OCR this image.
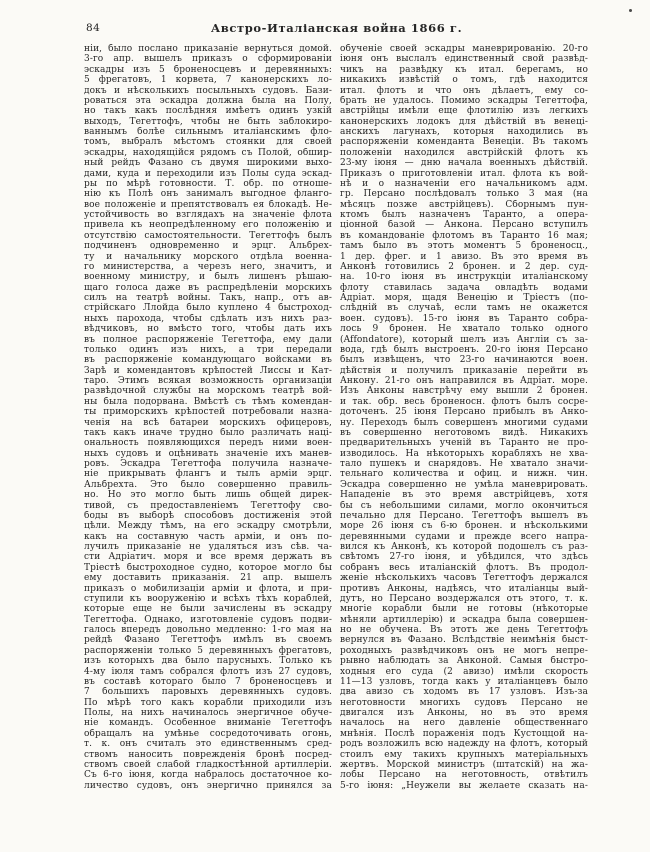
84	Австро-Италіанская война 1866 г.
ніи, было послано приказаніе вернуться домой.
3-го апр. вышелъ приказъ о сформированіи
эскадры изъ 5 броненосцевъ и деревянныхъ:
5 фрегатовъ, 1 корвета, 7 канонерскихъ ло-
докъ и нѣсколькихъ посыльныхъ судовъ. Бази-
роваться эта эскадра должна была на Полу,
но такъ какъ послѣдняя имѣетъ одинъ узкій
выходъ, Тегеттофъ, чтобы не быть заблокиро-
ваннымъ болѣе сильнымъ италіанскимъ фло-
томъ, выбралъ мѣстомъ стоянки для своей
эскадры, находящійся рядомъ съ Полой, обшир-
ный рейдъ Фазано съ двумя широкими выхо-
дами, куда и переходили изъ Полы суда эскад-
ры по мѣрѣ готовности. Т. обр. по отноше-
нію къ Полѣ онъ занималъ выгодное фланго-
вое положеніе и препятствовалъ ея блокадѣ. Не-
устойчивость во взглядахъ на значеніе флота
привела къ неопредѣленному его положенію и
отсутствію самостоятельности. Тегеттофъ былъ
подчиненъ одновременно и эрцг. Альбрех-
ту и начальнику морского отдѣла военна-
го министерства, а черезъ него, значитъ, и
военному министру, и былъ лишенъ рѣшаю-
щаго голоса даже въ распредѣленіи морскихъ
силъ на театрѣ войны. Такъ, напр., отъ ав-
стрійскаго Ллойда было куплено 4 быстроход-
ныхъ парохода, чтобы сдѣлать изъ нихъ раз-
вѣдчиковъ, но вмѣсто того, чтобы дать ихъ
въ полное распоряженіе Тегеттофа, ему дали
только одинъ изъ нихъ, а три передали
въ распоряженіе командующаго войсками въ
Зарѣ и комендантовъ крѣпостей Лиссы и Кат-
таро. Этимъ всякая возможность организаціи
развѣдочной службы на морскомъ театрѣ вой-
ны была подорвана. Вмѣстѣ съ тѣмъ комендан-
ты приморскихъ крѣпостей потребовали назна-
ченія на всѣ батареи морскихъ офицеровъ,
такъ какъ иначе трудно было различать наці-
ональность появляющихся передъ ними воен-
ныхъ судовъ и оцѣнивать значеніе ихъ манев-
ровъ. Эскадра Тегеттофа получила назначе-
ніе прикрывать флангъ и тылъ арміи эрцг.
Альбрехта. Это было совершенно правиль-
но. Но это могло быть лишь общей дирек-
тивой, съ предоставленіемъ Тегеттофу сво-
боды въ выборѣ способовъ достиженія этой
цѣли. Между тѣмъ, на его эскадру смотрѣли,
какъ на составную часть арміи, и онъ по-
лучилъ приказаніе не удаляться изъ сѣв. ча-
сти Адріатич. моря и все время держать въ
Тріестѣ быстроходное судно, которое могло бы
ему доставить приказанія. 21 апр. вышелъ
приказъ о мобилизаціи арміи и флота, и при-
ступили къ вооруженію и всѣхъ тѣхъ кораблей,
которые еще не были зачислены въ эскадру
Тегеттофа. Однако, изготовленіе судовъ подви-
галось впередъ довольно медленно: 1-го мая на
рейдѣ Фазано Тегеттофъ имѣлъ въ своемъ
распоряженіи только 5 деревянныхъ фрегатовъ,
изъ которыхъ два было парусныхъ. Только къ
4-му іюля тамъ собрался флотъ изъ 27 судовъ,
въ составѣ котораго было 7 броненосцевъ и
7 большихъ паровыхъ деревянныхъ судовъ.
По мѣрѣ того какъ корабли приходили изъ
Полы, на нихъ начиналось энергичное обуче-
ніе командъ. Особенное вниманіе Тегеттофъ
обращалъ на умѣнье сосредоточивать огонь,
т. к. онъ считалъ это единственнымъ сред-
ствомъ наносить поврежденія бронѣ посред-
ствомъ своей слабой гладкостѣнной артиллеріи.
Съ 6-го іюня, когда набралось достаточное ко-
личество судовъ, онъ энергично принялся за
обученіе своей эскадры маневрированію. 20-го
іюня онъ выслалъ единственный свой развѣд-
чикъ на развѣдку къ итал. берегамъ, но
никакихъ извѣстій о томъ, гдѣ находится
итал. флотъ и что онъ дѣлаетъ, ему со-
брать не удалось. Помимо эскадры Тегеттофа,
австрійцы имѣли еще флотилію изъ легкихъ
канонерскихъ лодокъ для дѣйствій въ венеці-
анскихъ лагунахъ, которыя находились въ
распоряженіи коменданта Венеціи. Въ такомъ
положеніи находился австрійскій флотъ къ
23-му іюня — дню начала военныхъ дѣйствій.
Приказъ о приготовленіи итал. флота къ вой-
нѣ и о назначеніи его начальникомъ адм.
гр. Персано послѣдовалъ только 3 мая (на
мѣсяцъ позже австрійцевъ). Сборнымъ пун-
ктомъ былъ назначенъ Таранто, а опера-
ціонной базой — Анкона. Персано вступилъ
въ командованіе флотомъ въ Таранто 16 мая;
тамъ было въ этотъ моментъ 5 броненосц.,
1 дер. фрег. и 1 авизо. Въ это время въ
Анконѣ готовились 2 бронен. и 2 дер. суд-
на. 10-го іюня въ инструкціи италіанскому
флоту ставилась задача овладѣть водами
Адріат. моря, щадя Венецію и Тріестъ (по-
слѣдній въ случаѣ, если тамъ не окажется
воен. судовъ). 15-го іюня въ Таранто собра-
лось 9 бронен. Не хватало только одного
(Affondatore), который шелъ изъ Англіи съ за-
вода, гдѣ былъ выстроенъ. 20-го іюня Персано
былъ извѣщенъ, что 23-го начинаются воен.
дѣйствія и получилъ приказаніе перейти въ
Анкону. 21-го онъ направился въ Адріат. море.
Изъ Анконы навстрѣчу ему вышли 2 бронен.
и так. обр. весь броненосн. флотъ былъ сосре-
доточенъ. 25 іюня Персано прибылъ въ Анко-
ну. Переходъ былъ совершенъ многими судами
въ совершенно неготовомъ видѣ. Никакихъ
предварительныхъ ученій въ Таранто не про-
изводилось. На нѣкоторыхъ корабляхъ не хва-
тало пушекъ и снарядовъ. Не хватало значи-
тельнаго количества и офиц. и нижн. чин.
Эскадра совершенно не умѣла маневрировать.
Нападеніе въ это время австрійцевъ, хотя
бы съ небольшими силами, могло окончиться
печально для Персано. Тегеттофъ вышелъ въ
море 26 іюня съ 6-ю бронен. и нѣсколькими
деревянными судами и прежде всего напра-
вился къ Анконѣ, къ которой подошелъ съ раз-
свѣтомъ 27-го іюня, и убѣдился, что здѣсь
собранъ весь италіанскій флотъ. Въ продол-
женіе нѣсколькихъ часовъ Тегеттофъ держался
противъ Анконы, надѣясь, что италіанцы вый-
дутъ, но Персано воздержался отъ этого, т. к.
многіе корабли были не готовы (нѣкоторые
мѣняли артиллерію) и эскадра была совершен-
но не обучена. Въ этотъ же день Тегеттофъ
вернулся въ Фазано. Вслѣдствіе неимѣнія быст-
роходныхъ развѣдчиковъ онъ не могъ непре-
рывно наблюдать за Анконой. Самыя быстро-
ходныя его суда (2 авизо) имѣли скорость
11—13 узловъ, тогда какъ у италіанцевъ было
два авизо съ ходомъ въ 17 узловъ. Изъ-за
неготовности многихъ судовъ Персано не
двигался изъ Анконы, но въ это время
началось на него давленіе общественнаго
мнѣнія. Послѣ пораженія подъ Кустоццой на-
родъ возложилъ всю надежду на флотъ, который
стоилъ ему такихъ крупныхъ матеріальныхъ
жертвъ. Морской министръ (штатскій) на жа-
лобы Персано на неготовность, отвѣтилъ
5-го іюня: „Неужели вы желаете сказать на-
